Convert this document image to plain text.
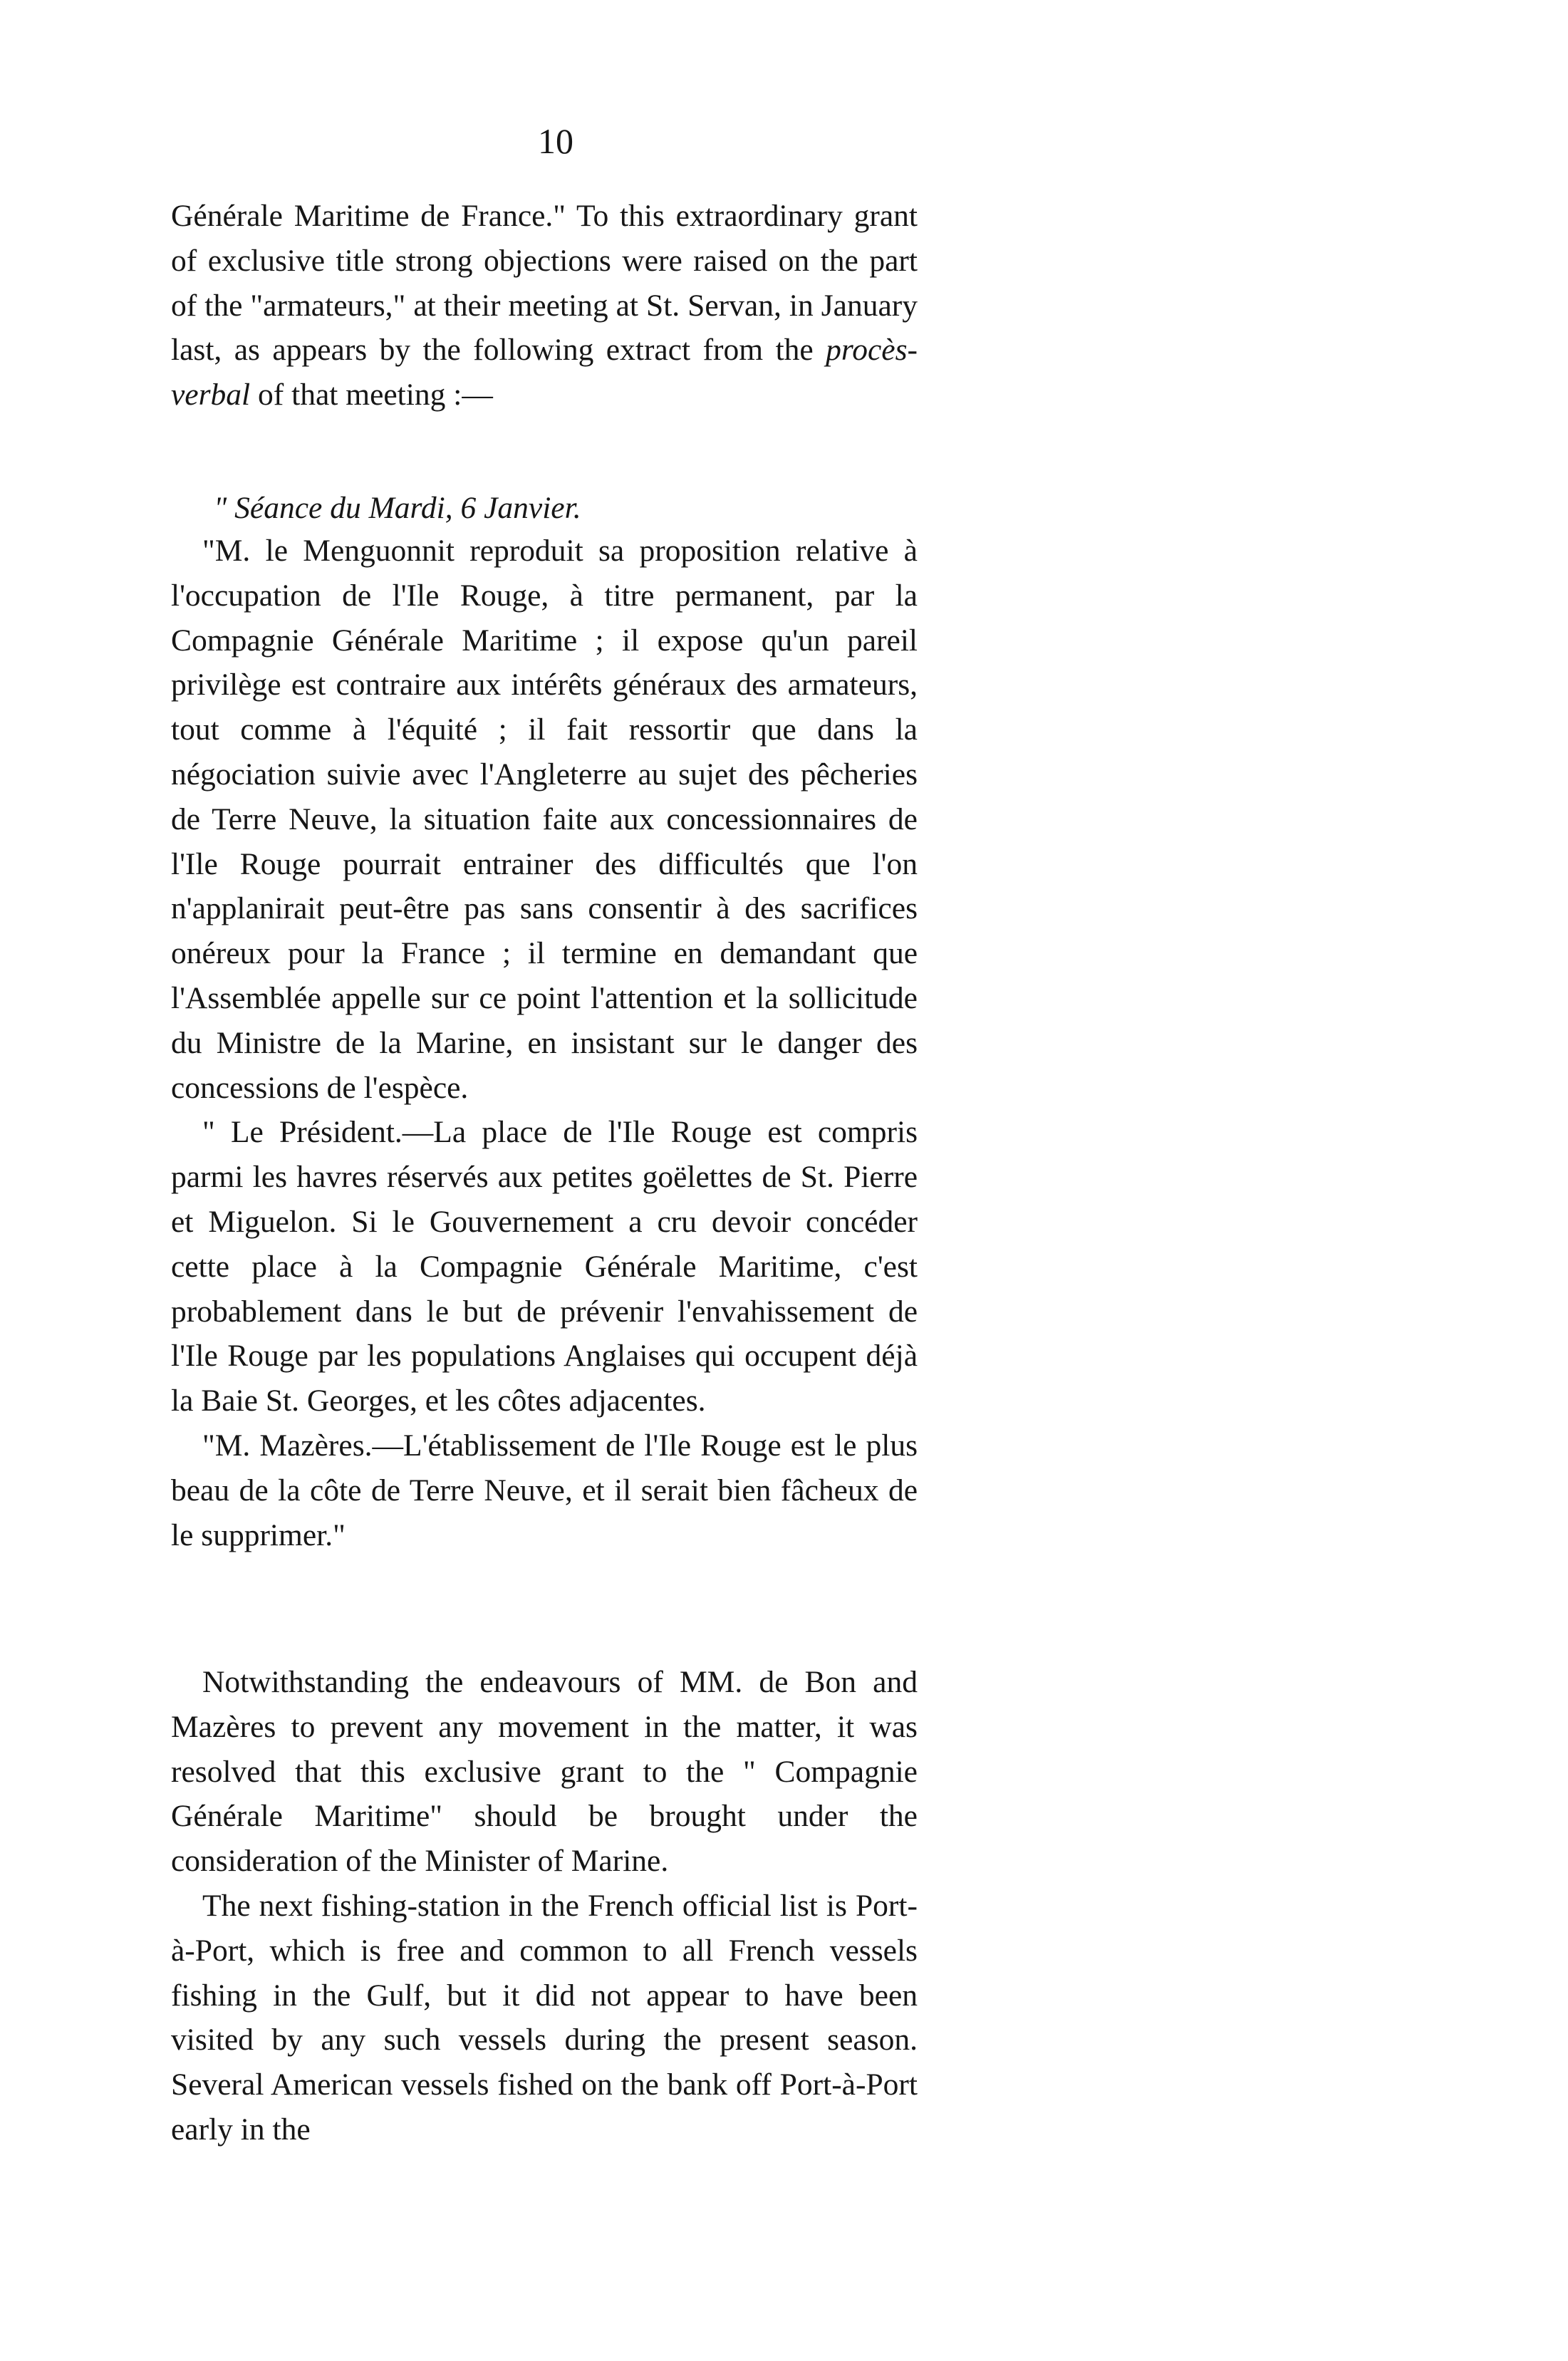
10

Générale Maritime de France." To this extraordinary grant of exclusive title strong objections were raised on the part of the "armateurs," at their meeting at St. Servan, in January last, as appears by the following extract from the procès-verbal of that meeting :—

" Séance du Mardi, 6 Janvier.

"M. le Menguonnit reproduit sa proposition relative à l'occupation de l'Ile Rouge, à titre permanent, par la Compagnie Générale Maritime ; il expose qu'un pareil privilège est contraire aux intérêts généraux des armateurs, tout comme à l'équité ; il fait ressortir que dans la négociation suivie avec l'Angleterre au sujet des pêcheries de Terre Neuve, la situation faite aux concessionnaires de l'Ile Rouge pourrait entrainer des difficultés que l'on n'applanirait peut-être pas sans consentir à des sacrifices onéreux pour la France ; il termine en demandant que l'Assemblée appelle sur ce point l'attention et la sollicitude du Ministre de la Marine, en insistant sur le danger des concessions de l'espèce.

" Le Président.—La place de l'Ile Rouge est compris parmi les havres réservés aux petites goëlettes de St. Pierre et Miguelon. Si le Gouvernement a cru devoir concéder cette place à la Compagnie Générale Maritime, c'est probablement dans le but de prévenir l'envahissement de l'Ile Rouge par les populations Anglaises qui occupent déjà la Baie St. Georges, et les côtes adjacentes.

"M. Mazères.—L'établissement de l'Ile Rouge est le plus beau de la côte de Terre Neuve, et il serait bien fâcheux de le supprimer."

Notwithstanding the endeavours of MM. de Bon and Mazères to prevent any movement in the matter, it was resolved that this exclusive grant to the " Compagnie Générale Maritime" should be brought under the consideration of the Minister of Marine.

The next fishing-station in the French official list is Port-à-Port, which is free and common to all French vessels fishing in the Gulf, but it did not appear to have been visited by any such vessels during the present season. Several American vessels fished on the bank off Port-à-Port early in the
